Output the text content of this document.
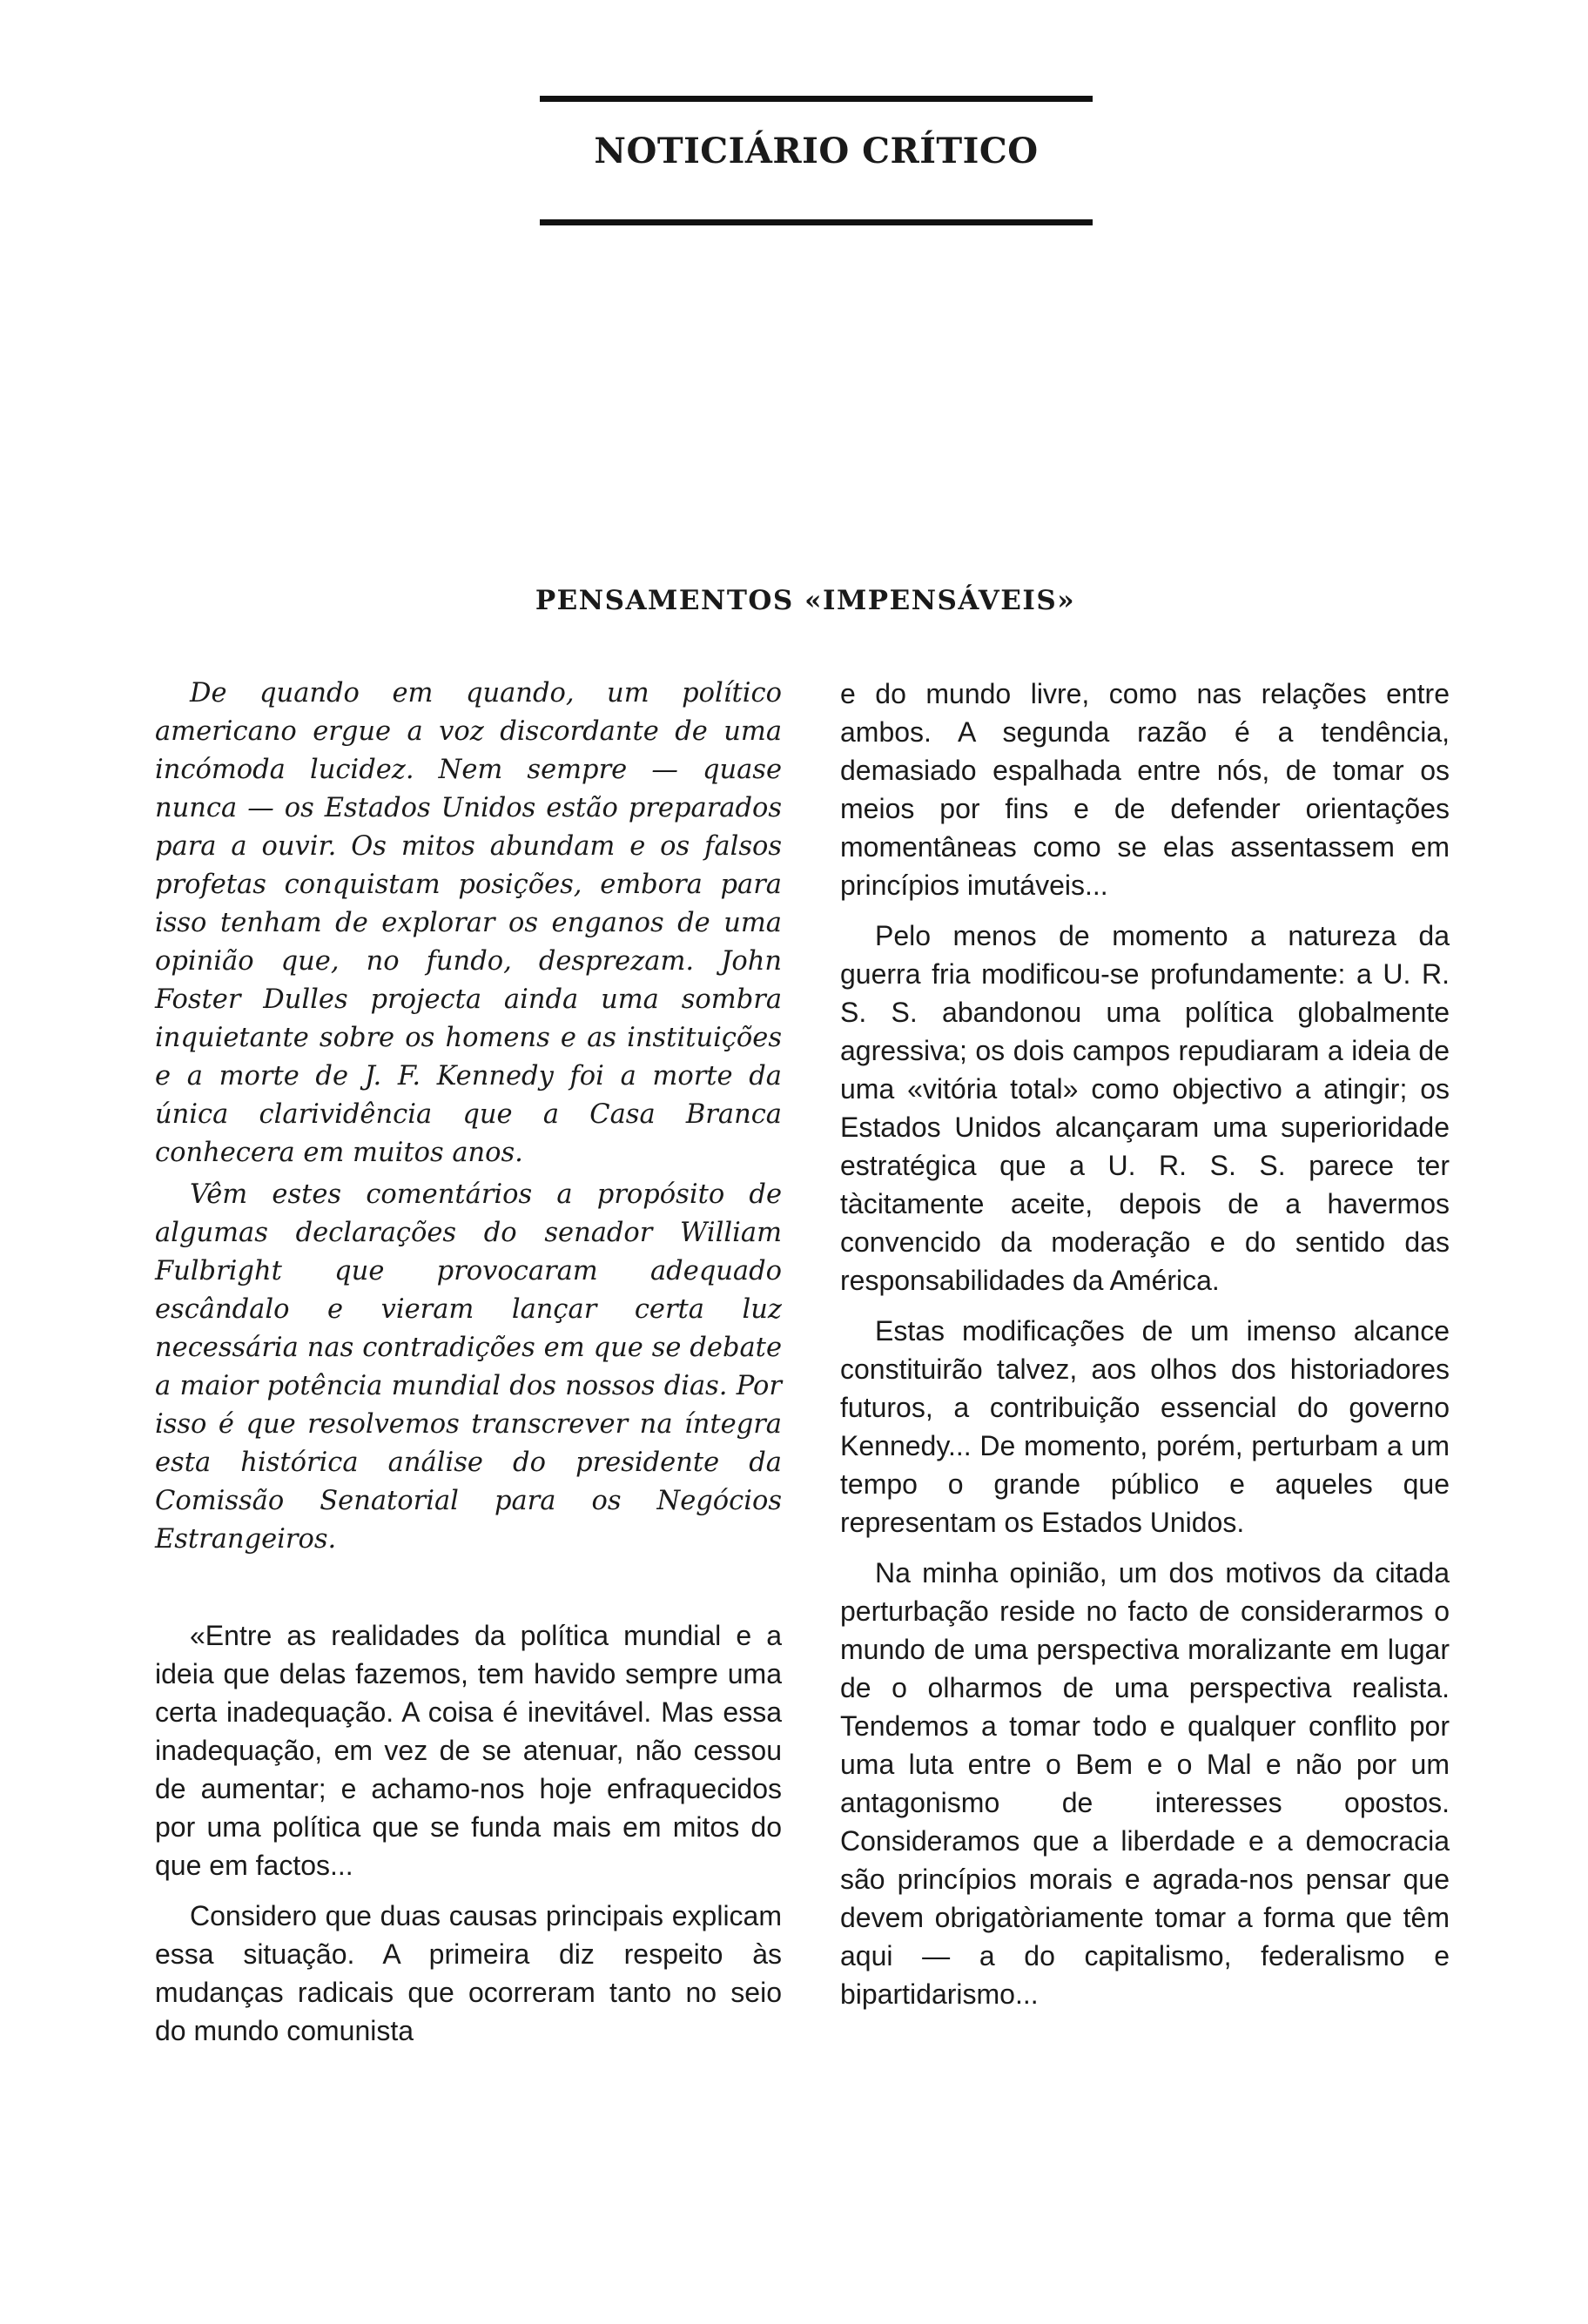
NOTICIÁRIO CRÍTICO
PENSAMENTOS «IMPENSÁVEIS»

De quando em quando, um político americano ergue a voz discordante de uma incómoda lucidez. Nem sempre — quase nunca — os Estados Unidos estão preparados para a ouvir. Os mitos abundam e os falsos profetas conquistam posições, embora para isso tenham de explorar os enganos de uma opinião que, no fundo, desprezam. John Foster Dulles projecta ainda uma sombra inquietante sobre os homens e as instituições e a morte de J. F. Kennedy foi a morte da única clarividência que a Casa Branca conhecera em muitos anos.

Vêm estes comentários a propósito de algumas declarações do senador William Fulbright que provocaram adequado escândalo e vieram lançar certa luz necessária nas contradições em que se debate a maior potência mundial dos nossos dias. Por isso é que resolvemos transcrever na íntegra esta histórica análise do presidente da Comissão Senatorial para os Negócios Estrangeiros.

«Entre as realidades da política mundial e a ideia que delas fazemos, tem havido sempre uma certa inadequação. A coisa é inevitável. Mas essa inadequação, em vez de se atenuar, não cessou de aumentar; e achamo-nos hoje enfraquecidos por uma política que se funda mais em mitos do que em factos...

Considero que duas causas principais explicam essa situação. A primeira diz respeito às mudanças radicais que ocorreram tanto no seio do mundo comunista

e do mundo livre, como nas relações entre ambos. A segunda razão é a tendência, demasiado espalhada entre nós, de tomar os meios por fins e de defender orientações momentâneas como se elas assentassem em princípios imutáveis...

Pelo menos de momento a natureza da guerra fria modificou-se profundamente: a U. R. S. S. abandonou uma política globalmente agressiva; os dois campos repudiaram a ideia de uma «vitória total» como objectivo a atingir; os Estados Unidos alcançaram uma superioridade estratégica que a U. R. S. S. parece ter tàcitamente aceite, depois de a havermos convencido da moderação e do sentido das responsabilidades da América.

Estas modificações de um imenso alcance constituirão talvez, aos olhos dos historiadores futuros, a contribuição essencial do governo Kennedy... De momento, porém, perturbam a um tempo o grande público e aqueles que representam os Estados Unidos.

Na minha opinião, um dos motivos da citada perturbação reside no facto de considerarmos o mundo de uma perspectiva moralizante em lugar de o olharmos de uma perspectiva realista. Tendemos a tomar todo e qualquer conflito por uma luta entre o Bem e o Mal e não por um antagonismo de interesses opostos. Consideramos que a liberdade e a democracia são princípios morais e agrada-nos pensar que devem obrigatòriamente tomar a forma que têm aqui — a do capitalismo, federalismo e bipartidarismo...
